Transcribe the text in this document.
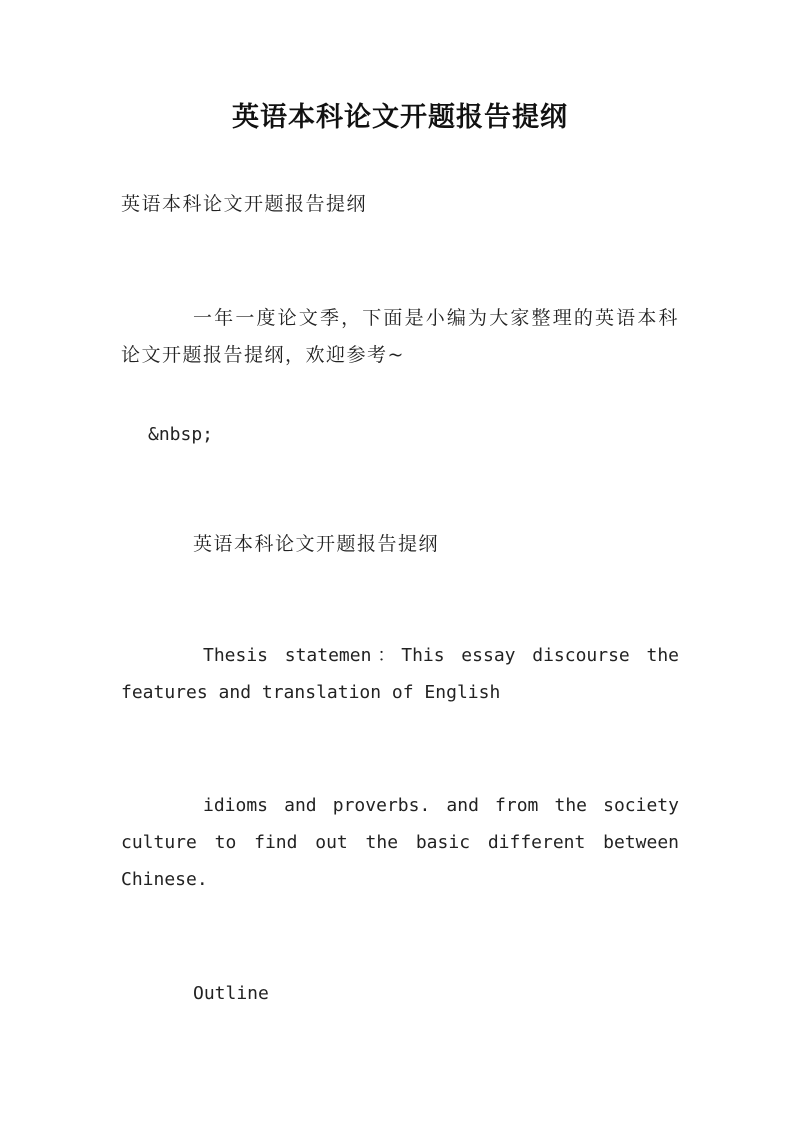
英语本科论文开题报告提纲

英语本科论文开题报告提纲

一年一度论文季，下面是小编为大家整理的英语本科论文开题报告提纲，欢迎参考~

&nbsp;

英语本科论文开题报告提纲

Thesis statemen：This essay discourse the features and translation of English

idioms and proverbs. and from the society culture to find out the basic different between Chinese.

Outline
